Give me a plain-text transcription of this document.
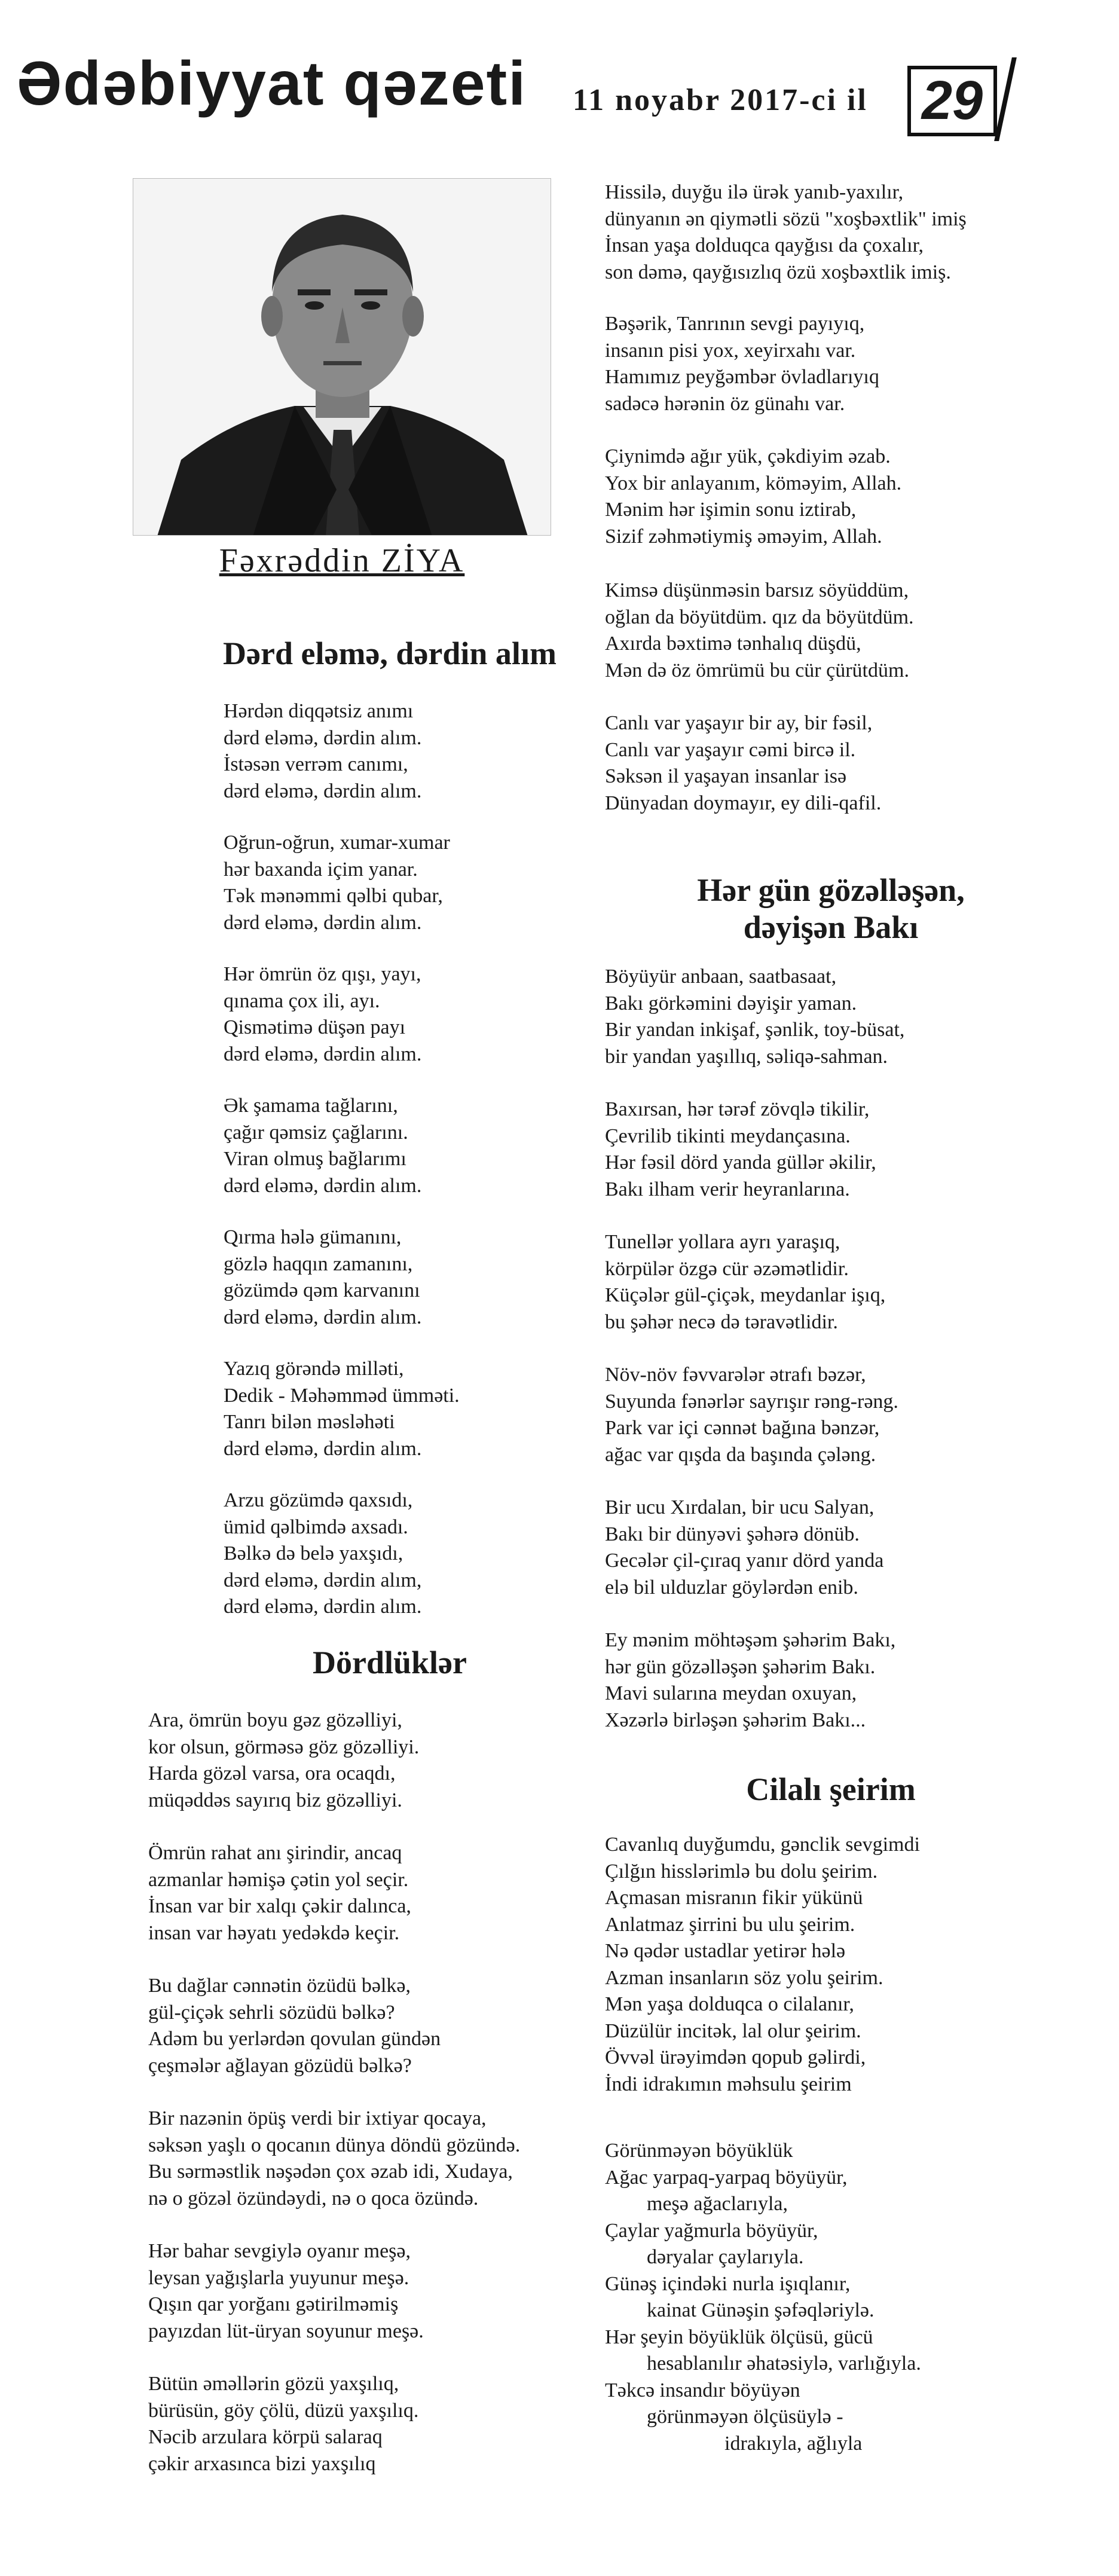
Ədəbiyyat qəzeti 11 noyabr 2017-ci il 29
Fəxrəddin ZİYA
Dərd eləmə, dərdin alım
Hərdən diqqətsiz anımı
dərd eləmə, dərdin alım.
İstəsən verrəm canımı,
dərd eləmə, dərdin alım.
Oğrun-oğrun, xumar-xumar
hər baxanda içim yanar.
Tək mənəmmi qəlbi qubar,
dərd eləmə, dərdin alım.
Hər ömrün öz qışı, yayı,
qınama çox ili, ayı.
Qismətimə düşən payı
dərd eləmə, dərdin alım.
Ək şamama tağlarını,
çağır qəmsiz çağlarını.
Viran olmuş bağlarımı
dərd eləmə, dərdin alım.
Qırma hələ gümanını,
gözlə haqqın zamanını,
gözümdə qəm karvanını
dərd eləmə, dərdin alım.
Yazıq görəndə milləti,
Dedik - Məhəmməd ümməti.
Tanrı bilən məsləhəti
dərd eləmə, dərdin alım.
Arzu gözümdə qaxsıdı,
ümid qəlbimdə axsadı.
Bəlkə də belə yaxşıdı,
dərd eləmə, dərdin alım,
dərd eləmə, dərdin alım.
Dördlüklər
Ara, ömrün boyu gəz gözəlliyi,
kor olsun, görməsə göz gözəlliyi.
Harda gözəl varsa, ora ocaqdı,
müqəddəs sayırıq biz gözəlliyi.
Ömrün rahat anı şirindir, ancaq
azmanlar həmişə çətin yol seçir.
İnsan var bir xalqı çəkir dalınca,
insan var həyatı yedəkdə keçir.
Bu dağlar cənnətin özüdü bəlkə,
gül-çiçək sehrli sözüdü bəlkə?
Adəm bu yerlərdən qovulan gündən
çeşmələr ağlayan gözüdü bəlkə?
Bir nazənin öpüş verdi bir ixtiyar qocaya,
səksən yaşlı o qocanın dünya döndü gözündə.
Bu sərməstlik nəşədən çox əzab idi, Xudaya,
nə o gözəl özündəydi, nə o qoca özündə.
Hər bahar sevgiylə oyanır meşə,
leysan yağışlarla yuyunur meşə.
Qışın qar yorğanı gətirilməmiş
payızdan lüt-üryan soyunur meşə.
Bütün əməllərin gözü yaxşılıq,
bürüsün, göy çölü, düzü yaxşılıq.
Nəcib arzulara körpü salaraq
çəkir arxasınca bizi yaxşılıq
Hissilə, duyğu ilə ürək yanıb-yaxılır,
dünyanın ən qiymətli sözü "xoşbəxtlik" imiş
İnsan yaşa dolduqca qayğısı da çoxalır,
son dəmə, qayğısızlıq özü xoşbəxtlik imiş.
Bəşərik, Tanrının sevgi payıyıq,
insanın pisi yox, xeyirxahı var.
Hamımız peyğəmbər övladlarıyıq
sadəcə hərənin öz günahı var.
Çiynimdə ağır yük, çəkdiyim əzab.
Yox bir anlayanım, köməyim, Allah.
Mənim hər işimin sonu iztirab,
Sizif zəhmətiymiş əməyim, Allah.
Kimsə düşünməsin barsız söyüddüm,
oğlan da böyütdüm. qız da böyütdüm.
Axırda bəxtimə tənhalıq düşdü,
Mən də öz ömrümü bu cür çürütdüm.
Canlı var yaşayır bir ay, bir fəsil,
Canlı var yaşayır cəmi bircə il.
Səksən il yaşayan insanlar isə
Dünyadan doymayır, ey dili-qafil.
Hər gün gözəlləşən,
dəyişən Bakı
Böyüyür anbaan, saatbasaat,
Bakı görkəmini dəyişir yaman.
Bir yandan inkişaf, şənlik, toy-büsat,
bir yandan yaşıllıq, səliqə-sahman.
Baxırsan, hər tərəf zövqlə tikilir,
Çevrilib tikinti meydançasına.
Hər fəsil dörd yanda güllər əkilir,
Bakı ilham verir heyranlarına.
Tunellər yollara ayrı yaraşıq,
körpülər özgə cür əzəmətlidir.
Küçələr gül-çiçək, meydanlar işıq,
bu şəhər necə də təravətlidir.
Növ-növ fəvvarələr ətrafı bəzər,
Suyunda fənərlər sayrışır rəng-rəng.
Park var içi cənnət bağına bənzər,
ağac var qışda da başında çələng.
Bir ucu Xırdalan, bir ucu Salyan,
Bakı bir dünyəvi şəhərə dönüb.
Gecələr çil-çıraq yanır dörd yanda
elə bil ulduzlar göylərdən enib.
Ey mənim möhtəşəm şəhərim Bakı,
hər gün gözəlləşən şəhərim Bakı.
Mavi sularına meydan oxuyan,
Xəzərlə birləşən şəhərim Bakı...
Cilalı şeirim
Cavanlıq duyğumdu, gənclik sevgimdi
Çılğın hisslərimlə bu dolu şeirim.
Açmasan misranın fikir yükünü
Anlatmaz şirrini bu ulu şeirim.
Nə qədər ustadlar yetirər hələ
Azman insanların söz yolu şeirim.
Mən yaşa dolduqca o cilalanır,
Düzülür incitək, lal olur şeirim.
Övvəl ürəyimdən qopub gəlirdi,
İndi idrakımın məhsulu şeirim
Görünməyən böyüklük
Ağac yarpaq-yarpaq böyüyür,
meşə ağaclarıyla,
Çaylar yağmurla böyüyür,
dəryalar çaylarıyla.
Günəş içindəki nurla işıqlanır,
kainat Günəşin şəfəqləriylə.
Hər şeyin böyüklük ölçüsü, gücü
hesablanılır əhatəsiylə, varlığıyla.
Təkcə insandır böyüyən
görünməyən ölçüsüylə -
idrakıyla, ağlıyla
